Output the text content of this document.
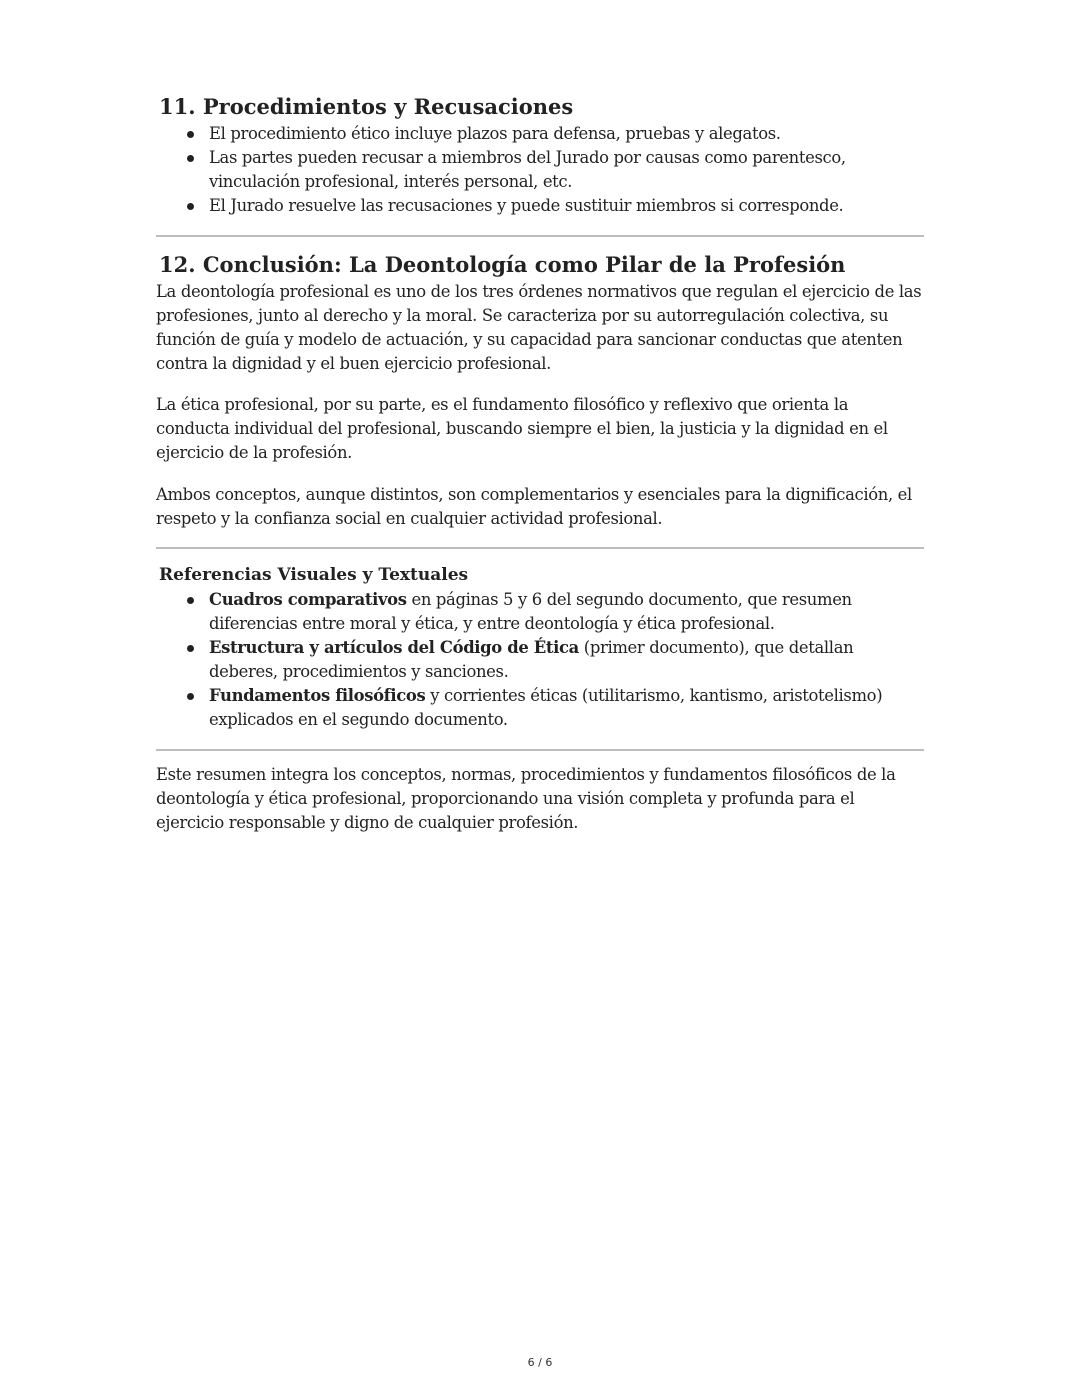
11. Procedimientos y Recusaciones
El procedimiento ético incluye plazos para defensa, pruebas y alegatos.
Las partes pueden recusar a miembros del Jurado por causas como parentesco, vinculación profesional, interés personal, etc.
El Jurado resuelve las recusaciones y puede sustituir miembros si corresponde.
12. Conclusión: La Deontología como Pilar de la Profesión

La deontología profesional es uno de los tres órdenes normativos que regulan el ejercicio de las profesiones, junto al derecho y la moral. Se caracteriza por su autorregulación colectiva, su función de guía y modelo de actuación, y su capacidad para sancionar conductas que atenten contra la dignidad y el buen ejercicio profesional.

La ética profesional, por su parte, es el fundamento filosófico y reflexivo que orienta la conducta individual del profesional, buscando siempre el bien, la justicia y la dignidad en el ejercicio de la profesión.

Ambos conceptos, aunque distintos, son complementarios y esenciales para la dignificación, el respeto y la confianza social en cualquier actividad profesional.

Referencias Visuales y Textuales
Cuadros comparativos en páginas 5 y 6 del segundo documento, que resumen diferencias entre moral y ética, y entre deontología y ética profesional.
Estructura y artículos del Código de Ética (primer documento), que detallan deberes, procedimientos y sanciones.
Fundamentos filosóficos y corrientes éticas (utilitarismo, kantismo, aristotelismo) explicados en el segundo documento.

Este resumen integra los conceptos, normas, procedimientos y fundamentos filosóficos de la deontología y ética profesional, proporcionando una visión completa y profunda para el ejercicio responsable y digno de cualquier profesión.

6 / 6
